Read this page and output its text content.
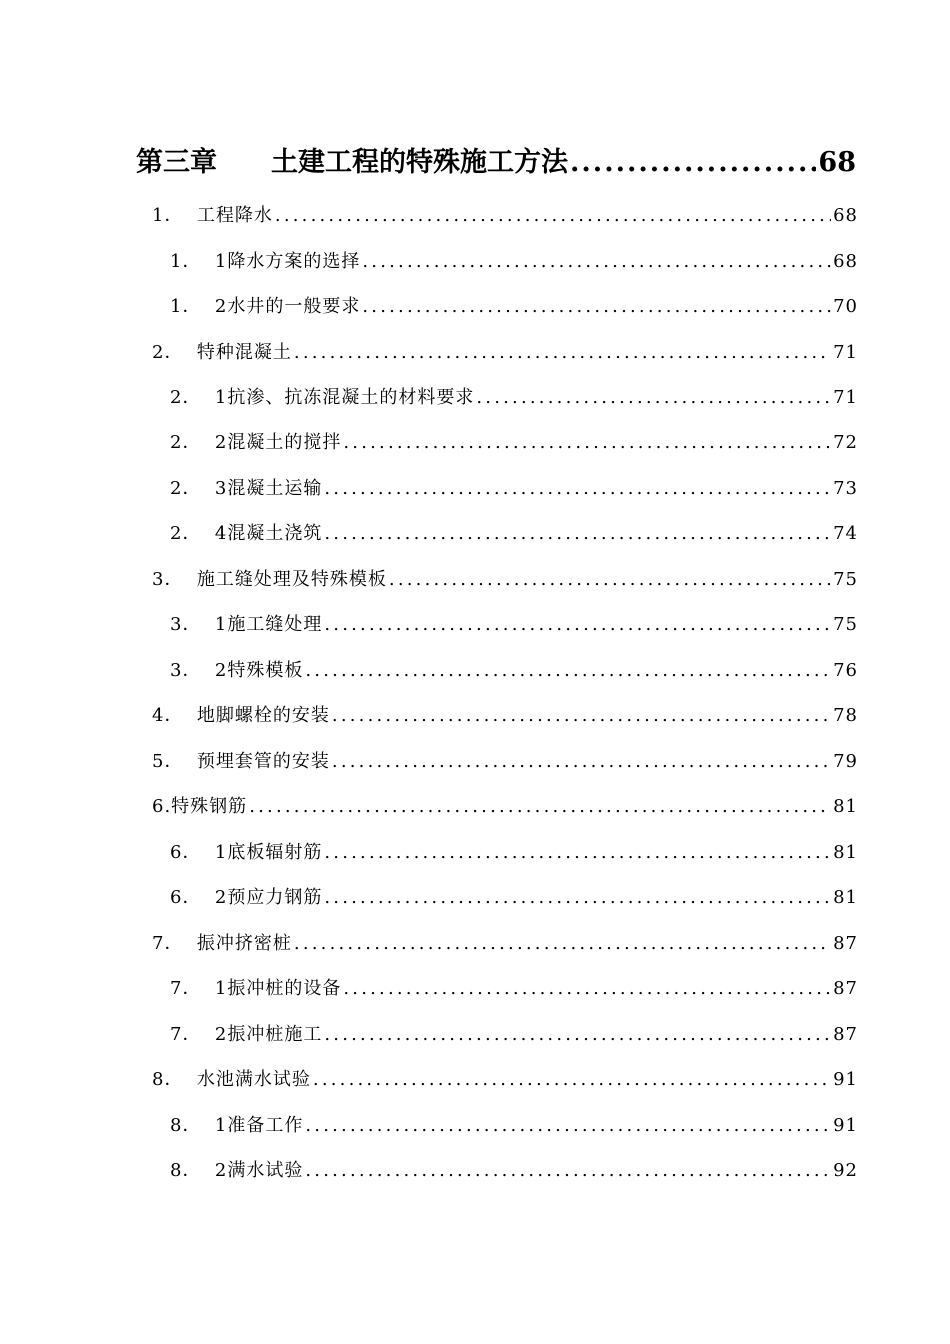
第三章　　土建工程的特殊施工方法 .....	68
1．  工程降水 .....	68
1．  1降水方案的选择 .....	68
1．  2水井的一般要求 .....	70
2．  特种混凝土 .....	71
2．  1抗渗、抗冻混凝土的材料要求 .....	71
2．  2混凝土的搅拌 .....	72
2．  3混凝土运输 .....	73
2．  4混凝土浇筑 .....	74
3．  施工缝处理及特殊模板 .....	75
3．  1施工缝处理 .....	75
3．  2特殊模板 .....	76
4．  地脚螺栓的安装 .....	78
5．  预埋套管的安装 .....	79
6.特殊钢筋 .....	81
6．  1底板辐射筋 .....	81
6．  2预应力钢筋 .....	81
7．  振冲挤密桩 .....	87
7．  1振冲桩的设备 .....	87
7．  2振冲桩施工 .....	87
8．  水池满水试验 .....	91
8．  1准备工作 .....	91
8．  2满水试验 .....	92
